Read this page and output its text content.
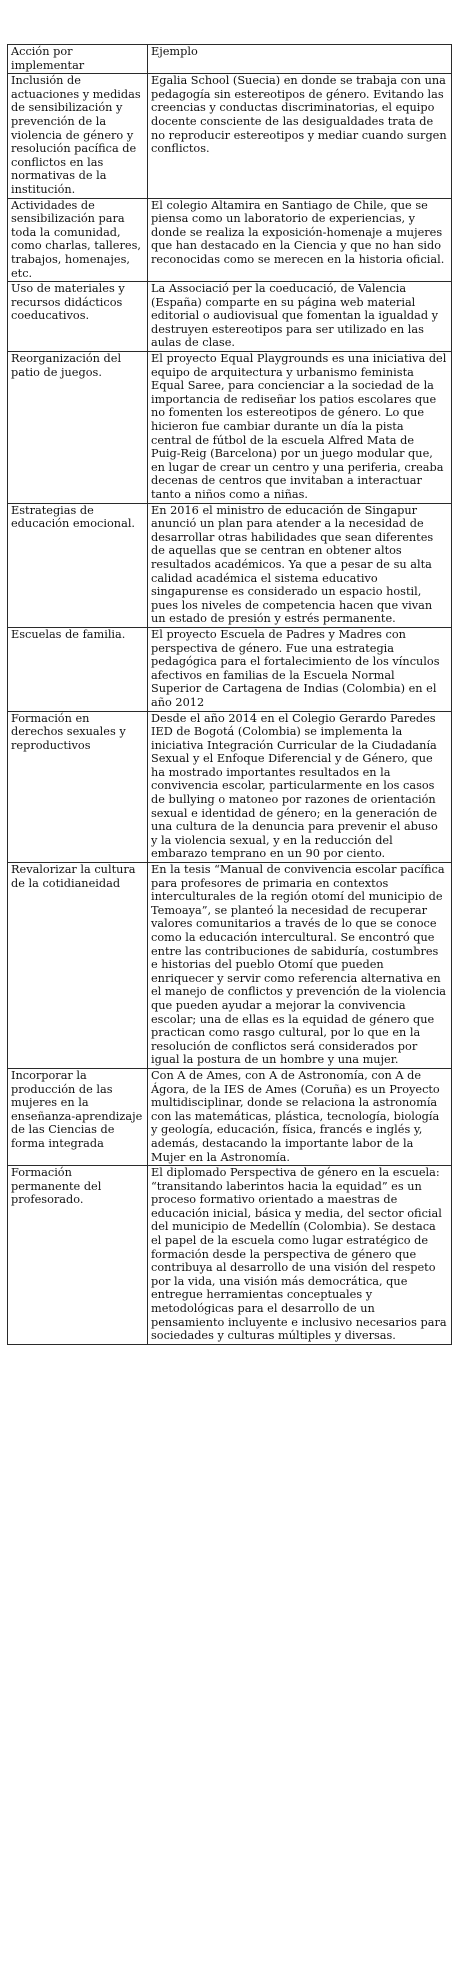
Acción por implementar	Ejemplo
Inclusión de actuaciones y medidas de sensibilización y prevención de la violencia de género y resolución pacífica de conflictos en las normativas de la institución.	Egalia School (Suecia) en donde se trabaja con una pedagogía sin estereotipos de género. Evitando las creencias y conductas discriminatorias, el equipo docente consciente de las desigualdades trata de no reproducir estereotipos y mediar cuando surgen conflictos.
Actividades de sensibilización para toda la comunidad, como charlas, talleres, trabajos, homenajes, etc.	El colegio Altamira en Santiago de Chile, que se piensa como un laboratorio de experiencias, y donde se realiza la exposición-homenaje a mujeres que han destacado en la Ciencia y que no han sido reconocidas como se merecen en la historia oficial.
Uso de materiales y recursos didácticos coeducativos.	La Associació per la coeducació, de Valencia (España) comparte en su página web material editorial o audiovisual que fomentan la igualdad y destruyen estereotipos para ser utilizado en las aulas de clase.
Reorganización del patio de juegos.	El proyecto Equal Playgrounds es una iniciativa del equipo de arquitectura y urbanismo feminista Equal Saree, para concienciar a la sociedad de la importancia de rediseñar los patios escolares que no fomenten los estereotipos de género. Lo que hicieron fue cambiar durante un día la pista central de fútbol de la escuela Alfred Mata de Puig-Reig (Barcelona) por un juego modular que, en lugar de crear un centro y una periferia, creaba decenas de centros que invitaban a interactuar tanto a niños como a niñas.
Estrategias de educación emocional.	En 2016 el ministro de educación de Singapur anunció un plan para atender a la necesidad de desarrollar otras habilidades que sean diferentes de aquellas que se centran en obtener altos resultados académicos. Ya que a pesar de su alta calidad académica el sistema educativo singapurense es considerado un espacio hostil, pues los niveles de competencia hacen que vivan un estado de presión y estrés permanente.
Escuelas de familia.	El proyecto Escuela de Padres y Madres con perspectiva de género. Fue una estrategia pedagógica para el fortalecimiento de los vínculos afectivos en familias de la Escuela Normal Superior de Cartagena de Indias (Colombia) en el año 2012
Formación en derechos sexuales y reproductivos	Desde el año 2014 en el Colegio Gerardo Paredes IED de Bogotá (Colombia) se implementa la iniciativa Integración Curricular de la Ciudadanía Sexual y el Enfoque Diferencial y de Género, que ha mostrado importantes resultados en la convivencia escolar, particularmente en los casos de bullying o matoneo por razones de orientación sexual e identidad de género; en la generación de una cultura de la denuncia para prevenir el abuso y la violencia sexual, y en la reducción del embarazo temprano en un 90 por ciento.
Revalorizar la cultura de la cotidianeidad	En la tesis “Manual de convivencia escolar pacífica para profesores de primaria en contextos interculturales de la región otomí del municipio de Temoaya”, se planteó la necesidad de recuperar valores comunitarios a través de lo que se conoce como la educación intercultural. Se encontró que entre las contribuciones de sabiduría, costumbres e historias del pueblo Otomí que pueden enriquecer y servir como referencia alternativa en el manejo de conflictos y prevención de la violencia que pueden ayudar a mejorar la convivencia escolar; una de ellas es la equidad de género que practican como rasgo cultural, por lo que en la resolución de conflictos será considerados por igual la postura de un hombre y una mujer.
Incorporar la producción de las mujeres en la enseñanza-aprendizaje de las Ciencias de forma integrada	Con A de Ames, con A de Astronomía, con A de Ágora, de la IES de Ames (Coruña) es un Proyecto multidisciplinar, donde se relaciona la astronomía con las matemáticas, plástica, tecnología, biología y geología, educación, física, francés e inglés y, además, destacando la importante labor de la Mujer en la Astronomía.
Formación permanente del profesorado.	El diplomado Perspectiva de género en la escuela: “transitando laberintos hacia la equidad” es un proceso formativo orientado a maestras de educación inicial, básica y media, del sector oficial del municipio de Medellín (Colombia). Se destaca el papel de la escuela como lugar estratégico de formación desde la perspectiva de género que contribuya al desarrollo de una visión del respeto por la vida, una visión más democrática, que entregue herramientas conceptuales y metodológicas para el desarrollo de un pensamiento incluyente e inclusivo necesarios para sociedades y culturas múltiples y diversas.
